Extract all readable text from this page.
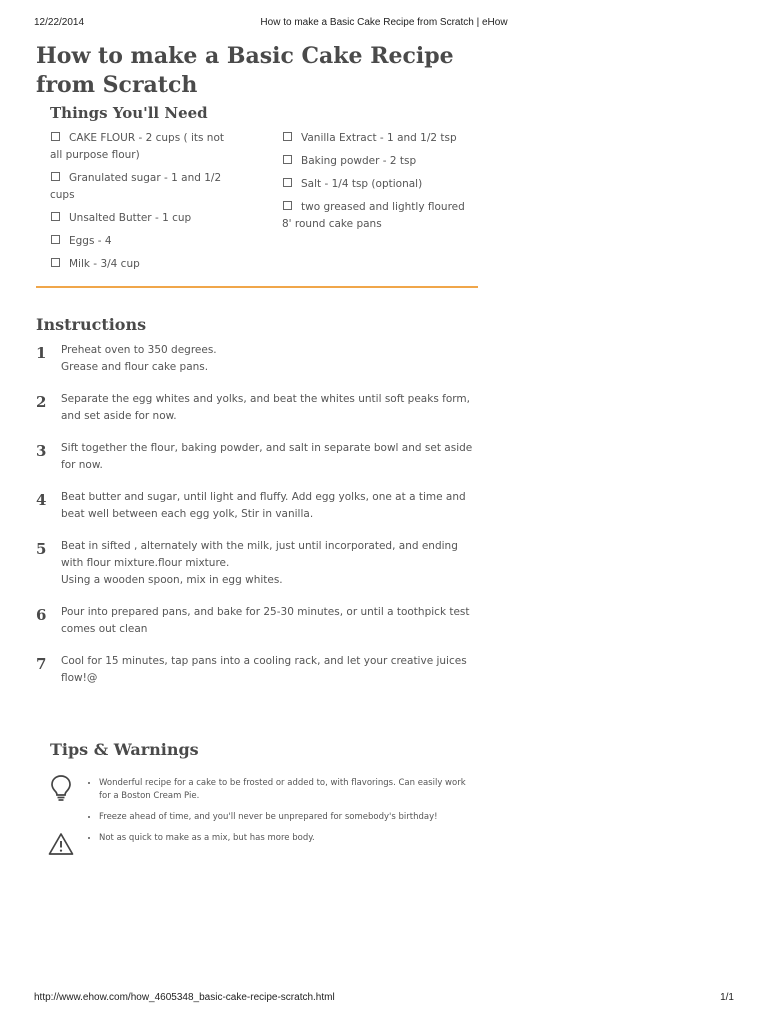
12/22/2014	How to make a Basic Cake Recipe from Scratch | eHow
How to make a Basic Cake Recipe from Scratch
Things You'll Need
CAKE FLOUR - 2 cups ( its not all purpose flour)
Granulated sugar - 1 and 1/2 cups
Unsalted Butter - 1 cup
Eggs - 4
Milk - 3/4 cup
Vanilla Extract - 1 and 1/2 tsp
Baking powder - 2 tsp
Salt - 1/4 tsp (optional)
two greased and lightly floured 8' round cake pans
Instructions
1 Preheat oven to 350 degrees.
Grease and flour cake pans.
2 Separate the egg whites and yolks, and beat the whites until soft peaks form, and set aside for now.
3 Sift together the flour, baking powder, and salt in separate bowl and set aside for now.
4 Beat butter and sugar, until light and fluffy. Add egg yolks, one at a time and beat well between each egg yolk, Stir in vanilla.
5 Beat in sifted , alternately with the milk, just until incorporated, and ending with flour mixture.flour mixture.
Using a wooden spoon, mix in egg whites.
6 Pour into prepared pans, and bake for 25-30 minutes, or until a toothpick test comes out clean
7 Cool for 15 minutes, tap pans into a cooling rack, and let your creative juices flow!@
Tips & Warnings
• Wonderful recipe for a cake to be frosted or added to, with flavorings. Can easily work for a Boston Cream Pie.
• Freeze ahead of time, and you'll never be unprepared for somebody's birthday!
• Not as quick to make as a mix, but has more body.
http://www.ehow.com/how_4605348_basic-cake-recipe-scratch.html	1/1
